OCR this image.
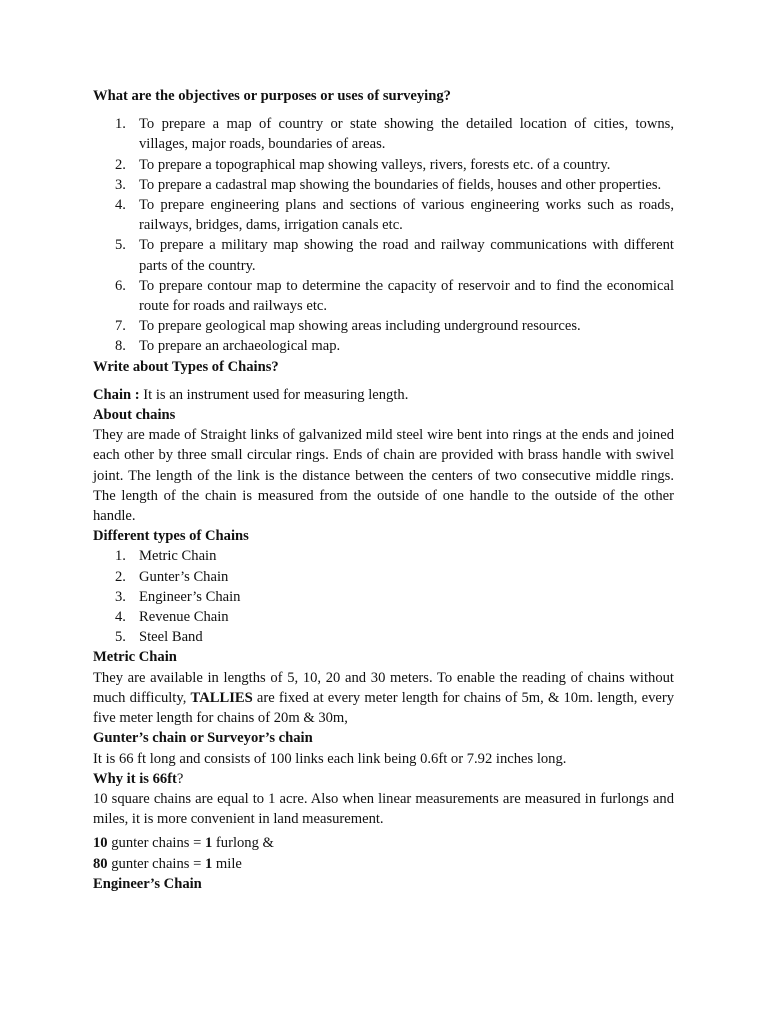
What are the objectives or purposes or uses of surveying?

1. To prepare a map of country or state showing the detailed location of cities, towns, villages, major roads, boundaries of areas.
2. To prepare a topographical map showing valleys, rivers, forests etc. of a country.
3. To prepare a cadastral map showing the boundaries of fields, houses and other properties.
4. To prepare engineering plans and sections of various engineering works such as roads, railways, bridges, dams, irrigation canals etc.
5. To prepare a military map showing the road and railway communications with different parts of the country.
6. To prepare contour map to determine the capacity of reservoir and to find the economical route for roads and railways etc.
7. To prepare geological map showing areas including underground resources.
8. To prepare an archaeological map.

Write about Types of Chains?

Chain : It is an instrument used for measuring length.

About chains

They are made of Straight links of galvanized mild steel wire bent into rings at the ends and joined each other by three small circular rings. Ends of chain are provided with brass handle with swivel joint. The length of the link is the distance between the centers of two consecutive middle rings. The length of the chain is measured from the outside of one handle to the outside of the other handle.

Different types of Chains

1. Metric Chain
2. Gunter’s Chain
3. Engineer’s Chain
4. Revenue Chain
5. Steel Band

Metric Chain

They are available in lengths of 5, 10, 20 and 30 meters. To enable the reading of chains without much difficulty, TALLIES are fixed at every meter length for chains of 5m, & 10m. length, every five meter length for chains of 20m & 30m,

Gunter’s chain or Surveyor’s chain

It is 66 ft long and consists of 100 links each link being 0.6ft or 7.92 inches long.

Why it is 66ft?

10 square chains are equal to 1 acre. Also when linear measurements are measured in furlongs and miles, it is more convenient in land measurement.

10 gunter chains = 1 furlong &

80 gunter chains = 1 mile

Engineer’s Chain
